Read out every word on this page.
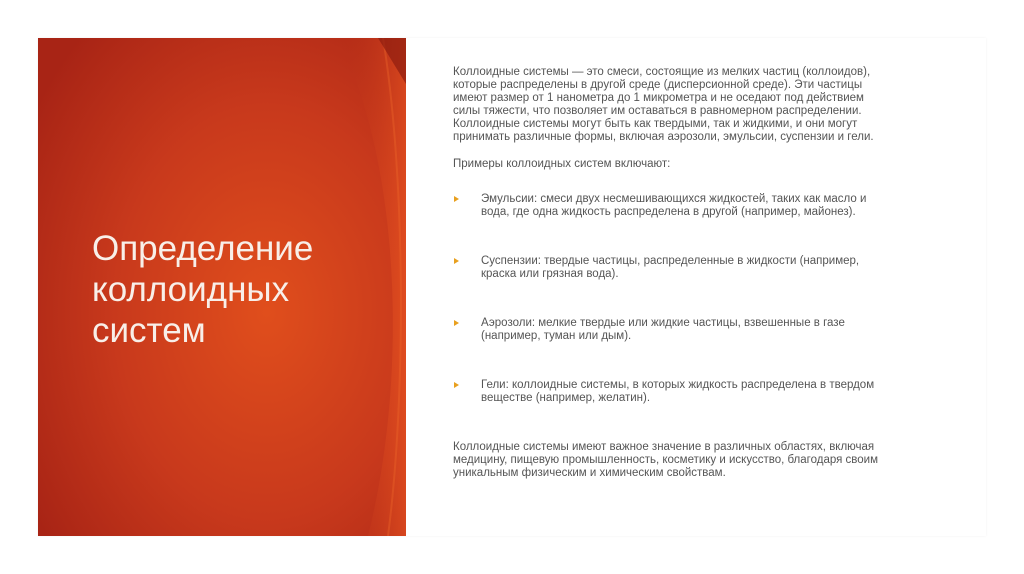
Определение коллоидных систем

Коллоидные системы — это смеси, состоящие из мелких частиц (коллоидов), которые распределены в другой среде (дисперсионной среде). Эти частицы имеют размер от 1 нанометра до 1 микрометра и не оседают под действием силы тяжести, что позволяет им оставаться в равномерном распределении. Коллоидные системы могут быть как твердыми, так и жидкими, и они могут принимать различные формы, включая аэрозоли, эмульсии, суспензии и гели.

Примеры коллоидных систем включают:

Эмульсии: смеси двух несмешивающихся жидкостей, таких как масло и вода, где одна жидкость распределена в другой (например, майонез).
Суспензии: твердые частицы, распределенные в жидкости (например, краска или грязная вода).
Аэрозоли: мелкие твердые или жидкие частицы, взвешенные в газе (например, туман или дым).
Гели: коллоидные системы, в которых жидкость распределена в твердом веществе (например, желатин).

Коллоидные системы имеют важное значение в различных областях, включая медицину, пищевую промышленность, косметику и искусство, благодаря своим уникальным физическим и химическим свойствам.
